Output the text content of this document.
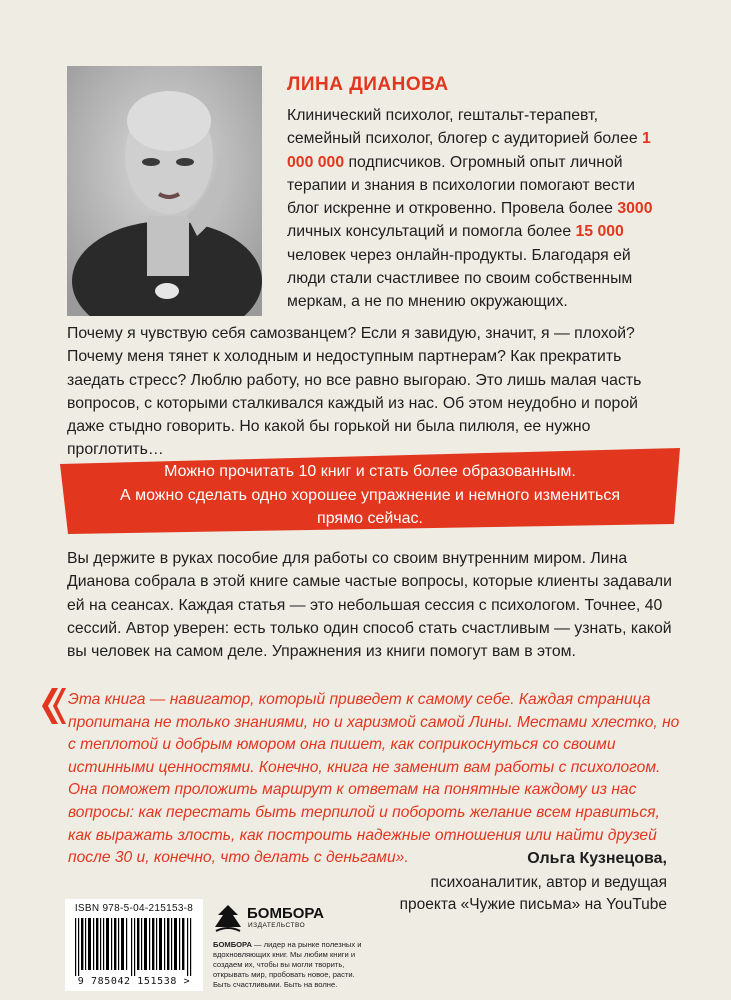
ЛИНА ДИАНОВА

Клинический психолог, гештальт-терапевт, семейный психолог, блогер с аудиторией более 1 000 000 подписчиков. Огромный опыт личной терапии и знания в психологии помогают вести блог искренне и откровенно. Провела более 3000 личных консультаций и помогла более 15 000 человек через онлайн-продукты. Благодаря ей люди стали счастливее по своим собственным меркам, а не по мнению окружающих.

Почему я чувствую себя самозванцем? Если я завидую, значит, я — плохой? Почему меня тянет к холодным и недоступным партнерам? Как прекратить заедать стресс? Люблю работу, но все равно выгораю. Это лишь малая часть вопросов, с которыми сталкивался каждый из нас. Об этом неудобно и порой даже стыдно говорить. Но какой бы горькой ни была пилюля, ее нужно проглотить…

Можно прочитать 10 книг и стать более образованным.
А можно сделать одно хорошее упражнение и немного измениться
прямо сейчас.

Вы держите в руках пособие для работы со своим внутренним миром. Лина Дианова собрала в этой книге самые частые вопросы, которые клиенты задавали ей на сеансах. Каждая статья — это небольшая сессия с психологом. Точнее, 40 сессий. Автор уверен: есть только один способ стать счастливым — узнать, какой вы человек на самом деле. Упражнения из книги помогут вам в этом.

Эта книга — навигатор, который приведет к самому себе. Каждая страница пропитана не только знаниями, но и харизмой самой Лины. Местами хлестко, но с теплотой и добрым юмором она пишет, как соприкоснуться со своими истинными ценностями. Конечно, книга не заменит вам работы с психологом. Она поможет проложить маршрут к ответам на понятные каждому из нас вопросы: как перестать быть терпилой и побороть желание всем нравиться, как выражать злость, как построить надежные отношения или найти друзей после 30 и, конечно, что делать с деньгами».	Ольга Кузнецова,
психоаналитик, автор и ведущая
проекта «Чужие письма» на YouTube
ISBN 978-5-04-215153-8
9 785042 151538 >
БОМБОРА
ИЗДАТЕЛЬСТВО

БОМБОРА — лидер на рынке полезных и вдохновляющих книг. Мы любим книги и создаем их, чтобы вы могли творить, открывать мир, пробовать новое, расти. Быть счастливыми. Быть на волне.
